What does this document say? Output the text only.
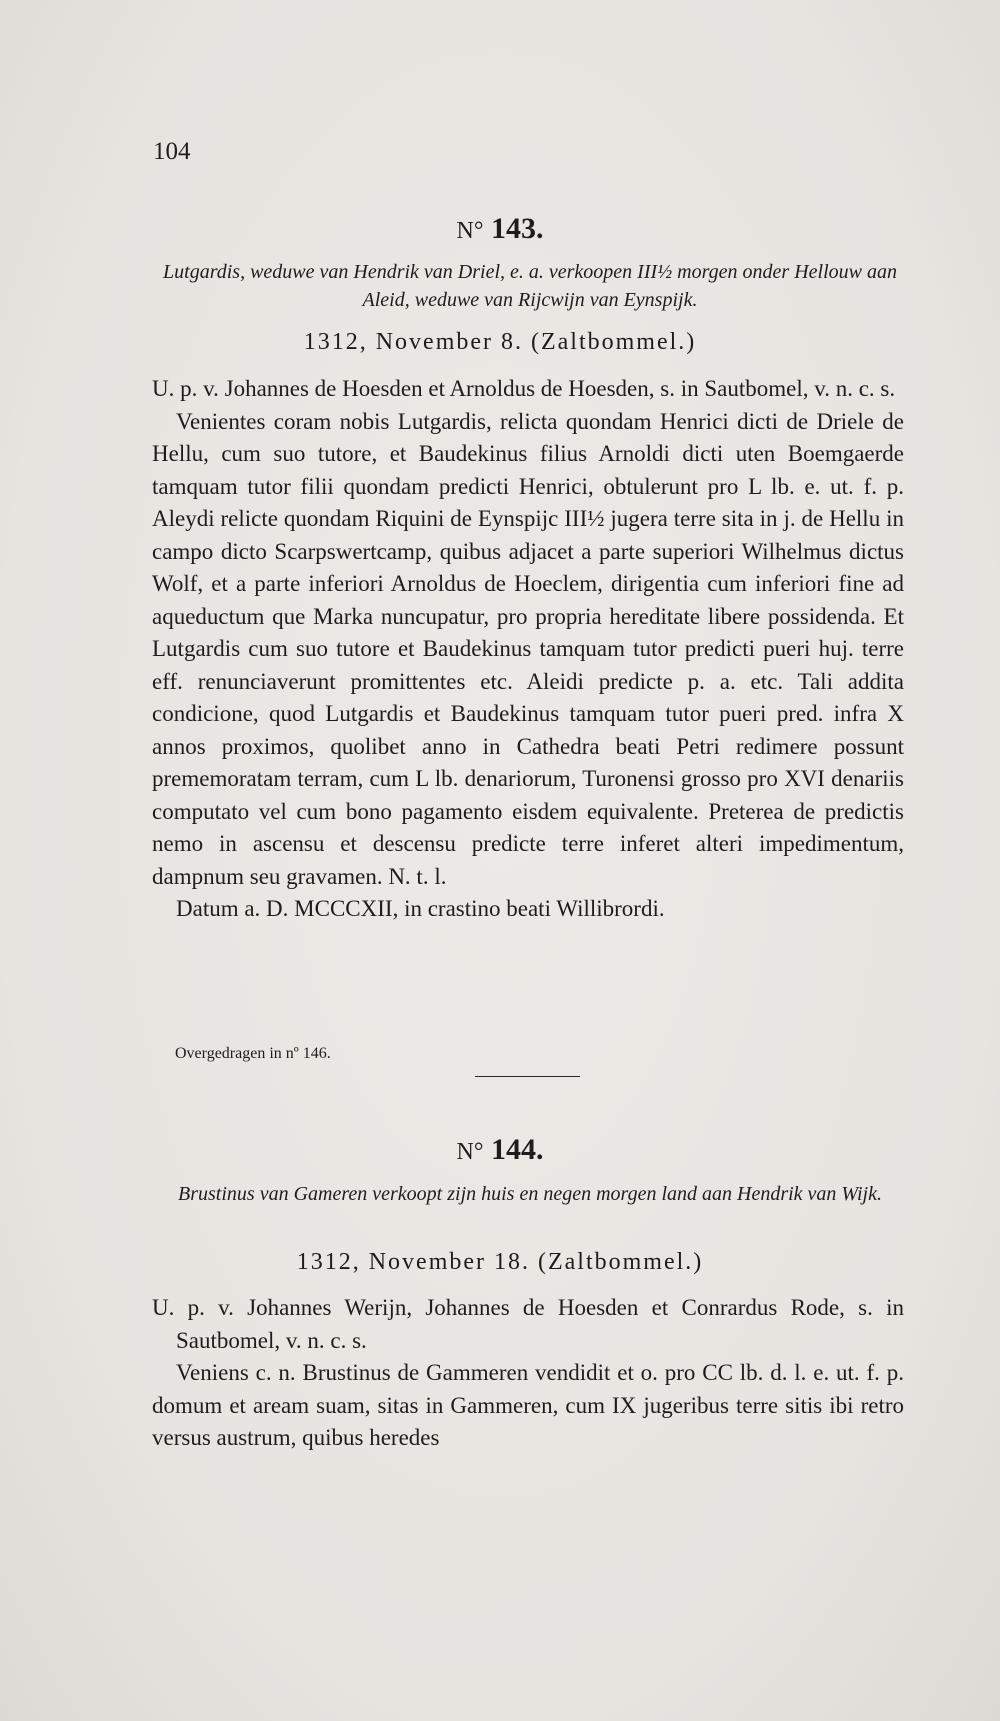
104
N° 143.
Lutgardis, weduwe van Hendrik van Driel, e. a. verkoopen III½ morgen onder Hellouw aan Aleid, weduwe van Rijcwijn van Eynspijk.
1312, November 8. (Zaltbommel.)

U. p. v. Johannes de Hoesden et Arnoldus de Hoesden, s. in Sautbomel, v. n. c. s.

Venientes coram nobis Lutgardis, relicta quondam Henrici dicti de Driele de Hellu, cum suo tutore, et Baudekinus filius Arnoldi dicti uten Boemgaerde tamquam tutor filii quondam predicti Henrici, obtulerunt pro L lb. e. ut. f. p. Aleydi relicte quondam Riquini de Eynspijc III½ jugera terre sita in j. de Hellu in campo dicto Scarpswertcamp, quibus adjacet a parte superiori Wilhelmus dictus Wolf, et a parte inferiori Arnoldus de Hoeclem, dirigentia cum inferiori fine ad aqueductum que Marka nuncupatur, pro propria hereditate libere possidenda. Et Lutgardis cum suo tutore et Baudekinus tamquam tutor predicti pueri huj. terre eff. renunciaverunt promittentes etc. Aleidi predicte p. a. etc. Tali addita condicione, quod Lutgardis et Baudekinus tamquam tutor pueri pred. infra X annos proximos, quolibet anno in Cathedra beati Petri redimere possunt prememoratam terram, cum L lb. denariorum, Turonensi grosso pro XVI denariis computato vel cum bono pagamento eisdem equivalente. Preterea de predictis nemo in ascensu et descensu predicte terre inferet alteri impedimentum, dampnum seu gravamen. N. t. l.

Datum a. D. MCCCXII, in crastino beati Willibrordi.

Overgedragen in nº 146.
N° 144.
Brustinus van Gameren verkoopt zijn huis en negen morgen land aan Hendrik van Wijk.
1312, November 18. (Zaltbommel.)

U. p. v. Johannes Werijn, Johannes de Hoesden et Conrardus Rode, s. in Sautbomel, v. n. c. s.

Veniens c. n. Brustinus de Gammeren vendidit et o. pro CC lb. d. l. e. ut. f. p. domum et aream suam, sitas in Gammeren, cum IX jugeribus terre sitis ibi retro versus austrum, quibus heredes
